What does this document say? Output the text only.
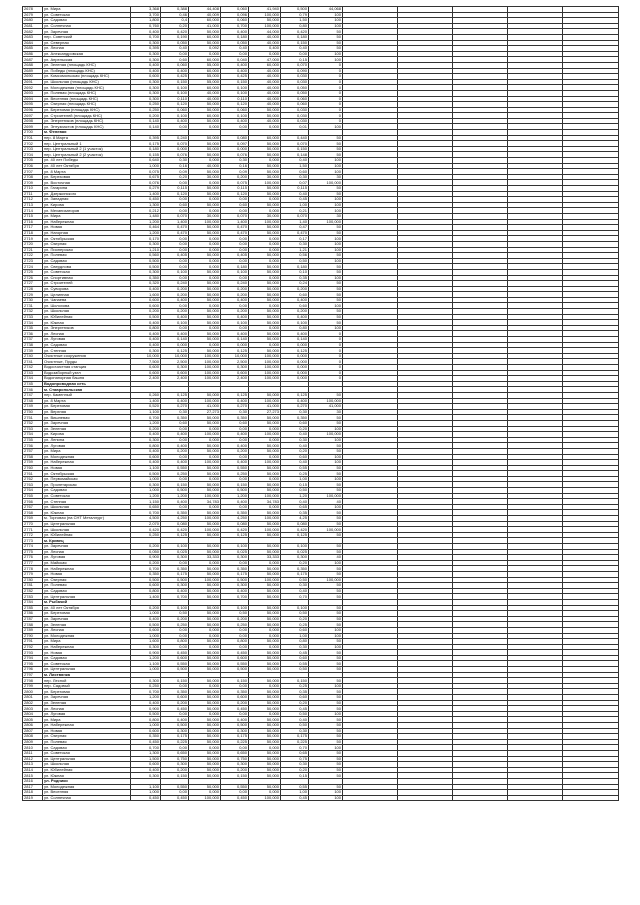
2678	ул. Мира	3,368	0,388	44,408	0,060	41,940	0,500	44,068					
2679	ул. Советская	3,700	0,46	40,009	0,096	100,000	0,79	100					
2680	ул. Садовая	1,800	0,4	60,000	0,060	50,000	1,50	100					
2681	ул. Солнечная	0,760	0,20	41,000	0,700	100,000	0,80	100					
2682	ул. Заречная	0,400	0,420	50,000	0,400	44,000	0,420	50					
2683	пер. Советский	0,700	0,190	60,000	0,180	40,000	0,180	50					
2684	ул. Северная	0,300	0,050	50,000	0,050	40,000	0,150	50					
2685	ул. Лесная	0,395	0,40	0,092	0,40	0,400	0,40	50					
2686	ул. Александровская	0,300	0,00	0,000	0,00	0,000	0,00	100					
2687	ул. Апрельская	0,300	0,60	60,000	0,040	47,000	0,15	100					
2688	ул. Зеленая (площадь КНС)	0,400	0,060	55,000	0,400	60,000	0,070	0					
2689	ул. Победы (площадь КНС)	0,400	0,400	60,000	0,400	40,000	0,090	0					
2690	ул. Комсомольская (площадь КНС)	0,600	0,425	55,000	0,425	40,000	0,030	0					
2691	ул. Школьная (площадь КНС)	0,300	0,150	55,000	0,150	40,000	0,030	0					
2692	ул. Молодежная (площадь КНС)	0,300	0,100	60,000	0,100	40,000	0,050	0					
2693	ул. Полевая (площадь КНС)	0,300	0,100	40,000	0,100	40,000	0,050	0					
2694	ул. Весенняя (площадь КНС)	0,300	0,110	40,000	0,110	40,000	0,060	0					
2695	ул. Озерная (площадь КНС)	0,250	0,120	50,000	0,120	40,000	0,060	0					
2696	ул. Береговая (площадь КНС)	0,250	0,060	50,000	0,060	50,000	0,030	0					
2697	ул. Строителей (площадь КНС)	0,200	0,100	60,000	0,100	50,000	0,030	0					
2698	ул. Энергетиков (площадь КНС)	0,140	0,400	50,000	0,400	40,000	0,030	0					
2699	ул. Энтузиастов (площадь КНС)	0,140	0,00	0,000	0,00	0,000	0,01	100					
2700	м. Феневая												
2701	пер. 8 Марта	0,395	0,240	50,000	0,080	60,000	0,440	50					
2702	пер. Центральный 1	0,175	0,070	50,000	0,097	50,000	0,070	50					
2703	пер. Центральный 2 (1 участок)	0,180	0,000	50,000	0,000	50,000	0,150	50					
2704	пер. Центральный 2 (2 участок)	0,155	0,076	50,000	0,076	50,000	0,148	50					
2705	ул. 40 лет Победы	0,640	0,30	0,000	0,30	0,000	0,40	100					
2706	ул. 40 лет Октября	1,000	0,16	40,000	0,16	50,000	1,50	100					
2707	ул. 8 Марта	0,075	0,09	50,000	0,09	50,000	0,60	100					
2708	ул. Березовая	0,675	0,20	30,000	0,200	30,000	0,30	30					
2709	ул. Восточная	0,076	0,00	0,000	0,075	100,000	0,07	100,000					
2710	ул. Гагарина	0,279	0,115	50,000	0,115	50,000	0,115	50					
2711	ул. Дзержинского	1,400	0,120	50,000	0,120	50,000	0,40	50					
2712	ул. Западная	0,450	0,00	0,000	0,00	0,000	0,45	100					
2713	ул. Кирова	1,300	0,60	50,000	0,60	50,000	1,00	100					
2714	ул. Механизаторов	0,212	0,00	0,000	0,00	0,000	0,21	100					
2715	ул. Мира	1,480	0,070	30,000	0,070	30,000	0,070	30					
2716	ул. Набережная	1,200	1,400	100,000	1,400	100,000	1,40	100,000					
2717	ул. Новая	0,464	0,470	50,000	0,470	50,000	0,47	50					
2718	ул. Нагорная	1,200	0,470	50,000	0,470	50,000	0,470	50					
2719	ул. Октябрьская	0,170	0,00	0,000	0,00	0,000	0,17	100					
2720	ул. Озерная	0,300	0,00	0,000	0,00	0,000	0,30	100					
2721	ул. Пионерская	1,210	0,00	0,000	0,00	0,000	1,21	100					
2722	ул. Полевая	0,560	0,405	50,000	0,405	50,000	0,56	50					
2723	ул. Садовая	0,500	0,00	0,000	0,00	0,000	0,50	100					
2724	ул. Свердлова	0,500	0,00	0,000	0,180	50,000	0,180	50					
2725	ул. Советская	0,300	0,100	50,000	0,100	50,000	0,10	50					
2726	ул. Спортивная	0,350	0,00	0,000	0,00	0,000	0,35	100					
2727	ул. Строителей	0,320	0,240	50,000	0,240	50,000	0,24	50					
2728	ул. Суворова	0,400	0,200	50,000	0,200	50,000	0,200	50					
2729	ул. Целинная	1,600	0,200	50,000	0,200	50,000	0,60	50					
2730	ул. Чапаева	0,600	0,400	50,000	0,400	50,000	0,400	50					
2731	ул. Шолохова	0,600	0,00	0,000	0,00	0,000	0,60	100					
2732	ул. Школьная	0,200	0,200	50,000	0,200	50,000	0,200	50					
2733	ул. Юбилейная	0,500	0,400	50,000	0,400	50,000	0,400	50					
2734	ул. Южная	0,400	0,100	50,000	0,100	50,000	0,100	50					
2735	ул. Энергетиков	0,800	0,00	0,000	0,00	0,000	0,80	100					
2736	ул. Лесная	0,400	0,400	50,000	0,400	50,000	0,400	0					
2737	ул. Луговая	0,400	0,140	50,000	0,140	50,000	0,140	0					
2738	ул. Садовая	0,400	0,000	0,000	0,000	0,000	0,000	0					
2739	ул. Степная	0,300	0,125	50,000	0,125	50,000	0,125	0					
2740	Очистные сооружения	10,000	10,000	100,000	10,000	100,000	0,000	0					
2741	Очистные, Пруды	7,500	2,500	100,000	2,500	100,000	0,000	0					
2742	Водоочистная станция	0,600	0,300	100,000	0,300	100,000	0,000	0					
2743	Водозаборный узел	0,600	0,600	100,000	0,600	100,000	0,000	0					
2744	Водонапорная башня	2,400	2,400	100,000	2,400	100,000	0,000	0					
2745	Водопроводная сеть												
2746	м. Ставропольская												
2747	пер. Каменный	0,260	0,125	50,000	0,125	50,000	0,125	50					
2748	ул. 8 Марта	1,400	0,400	100,000	0,400	100,000	0,400	100,000					
2749	ул. Береговая	0,520	0,270	41,000	0,270	41,000	0,270	41,000					
2750	ул. Верхняя	1,100	0,30	27,273	0,30	27,273	0,30	30					
2751	ул. Вишневая	0,700	0,350	50,000	0,350	50,000	0,350	50					
2752	ул. Заречная	1,200	0,60	50,000	0,60	50,000	0,60	50					
2753	ул. Зеленая	0,200	0,00	0,000	0,00	0,000	0,20	100					
2754	ул. Кирова	0,400	0,400	100,000	0,400	100,000	0,40	100,000					
2755	ул. Ленина	0,300	0,00	0,000	0,00	0,000	0,30	100					
2756	ул. Луговая	0,800	0,400	50,000	0,400	50,000	0,40	50					
2757	ул. Мира	0,400	0,200	50,000	0,200	50,000	0,20	50					
2758	ул. Молодежная	0,600	0,00	0,000	0,00	0,000	0,60	100					
2759	ул. Набережная	0,400	0,400	100,000	0,400	100,000	0,40	100					
2760	ул. Новая	1,100	0,550	50,000	0,550	50,000	0,55	50					
2761	ул. Октябрьская	0,500	0,250	50,000	0,250	50,000	0,25	50					
2762	ул. Первомайская	1,000	0,00	0,000	0,00	0,000	1,00	100					
2763	ул. Пролетарская	0,300	0,150	50,000	0,150	50,000	0,15	50					
2764	ул. Садовая	1,000	0,500	50,000	0,500	50,000	0,50	50					
2765	ул. Советская	1,200	1,200	100,000	1,200	100,000	1,20	100,000					
2766	ул. Степная	1,150	0,400	34,783	0,400	34,783	0,40	40					
2767	ул. Школьная	0,650	0,00	0,000	0,00	0,000	0,65	100					
2768	ул. Южная	0,700	0,350	50,000	0,350	50,000	0,35	50					
2769	м. Торговая (на СНТ Металлург)	4,500	4,250	100,000	4,250	100,000	4,25	50					
2770	ул. Центральная	2,070	0,080	50,000	0,080	50,000	0,080	50					
2771	ул. Школьная	0,420	0,420	100,000	0,420	100,000	0,420	100,000					
2772	ул. Юбилейная	0,250	0,125	50,000	0,125	50,000	0,125	50					
2773	м. Кривец												
2774	ул. Заречная	0,200	0,100	50,000	0,100	50,000	0,100	50					
2775	ул. Лесная	0,050	0,025	50,000	0,025	50,000	0,025	50					
2776	ул. Луговая	0,900	0,300	33,333	0,300	33,333	0,300	40					
2777	ул. Майская	0,200	0,00	0,000	0,00	0,000	0,20	100					
2778	ул. Набережная	0,700	0,350	50,000	0,350	50,000	0,350	50					
2779	ул. Новая	0,350	0,175	50,000	0,175	50,000	0,175	50					
2780	ул. Озерная	0,500	0,500	100,000	0,500	100,000	0,50	100,000					
2781	ул. Полевая	0,600	0,300	50,000	0,300	50,000	0,30	50					
2782	ул. Садовая	0,800	0,400	50,000	0,400	50,000	0,40	50					
2783	ул. Центральная	1,400	0,700	50,000	0,700	50,000	0,70	50					
2784	м. Рыбачий												
2785	ул. 40 лет Октября	0,200	0,100	50,000	0,100	50,000	0,100	50					
2786	ул. Береговая	1,000	0,50	50,000	0,50	50,000	0,50	50					
2787	ул. Заречная	0,400	0,200	50,000	0,200	50,000	0,20	50					
2788	ул. Зеленая	0,500	0,250	50,000	0,250	50,000	0,25	50					
2789	ул. Лесная	0,600	0,00	0,000	0,00	0,000	0,60	100					
2790	ул. Молодежная	1,000	0,00	0,000	0,00	0,000	1,00	100					
2791	ул. Мира	1,600	0,800	50,000	0,800	50,000	0,80	50					
2792	ул. Набережная	0,300	0,00	0,000	0,00	0,000	0,30	100					
2793	ул. Новая	0,900	0,450	50,000	0,450	50,000	0,45	50					
2794	ул. Садовая	1,200	0,600	50,000	0,600	50,000	0,60	50					
2795	ул. Советская	1,100	0,550	50,000	0,550	50,000	0,55	50					
2796	ул. Центральная	1,000	0,500	50,000	0,500	50,000	0,50	50					
2797	м. Листвянка												
2798	пер. Лесной	0,300	0,150	50,000	0,150	50,000	0,150	50					
2799	пер. Садовый	0,250	0,00	0,000	0,00	0,000	0,25	100					
2800	ул. Береговая	0,700	0,350	50,000	0,350	50,000	0,35	50					
2801	ул. Заречная	1,200	0,600	50,000	0,600	50,000	0,60	50					
2802	ул. Зеленая	0,400	0,200	50,000	0,200	50,000	0,20	50					
2803	ул. Лесная	0,900	0,450	50,000	0,450	50,000	0,45	50					
2804	ул. Луговая	0,500	0,00	0,000	0,00	0,000	0,50	100					
2805	ул. Мира	0,800	0,400	50,000	0,400	50,000	0,40	50					
2806	ул. Набережная	1,000	0,500	50,000	0,500	50,000	0,50	50					
2807	ул. Новая	0,600	0,300	50,000	0,300	50,000	0,30	50					
2808	ул. Озерная	0,350	0,175	50,000	0,175	50,000	0,175	50					
2809	ул. Полевая	0,450	0,225	50,000	0,225	50,000	0,225	50					
2810	ул. Садовая	0,700	0,00	0,000	0,00	0,000	0,70	100					
2811	ул. Советская	1,300	0,650	50,000	0,650	50,000	0,65	50					
2812	ул. Центральная	1,500	0,750	50,000	0,750	50,000	0,75	50					
2813	ул. Школьная	0,600	0,300	50,000	0,300	50,000	0,30	50					
2814	ул. Юбилейная	0,400	0,200	50,000	0,200	50,000	0,20	50					
2815	ул. Южная	0,300	0,150	50,000	0,150	50,000	0,15	50					
2816	ул. Родники												
2817	ул. Молодежная	1,100	0,550	50,000	0,550	50,000	0,55	50					
2818	ул. Весенняя	1,000	0,00	0,000	0,00	0,000	1,00	100					
2819	ул. Солнечная	0,450	0,450	100,000	0,450	100,000	0,45	100					
